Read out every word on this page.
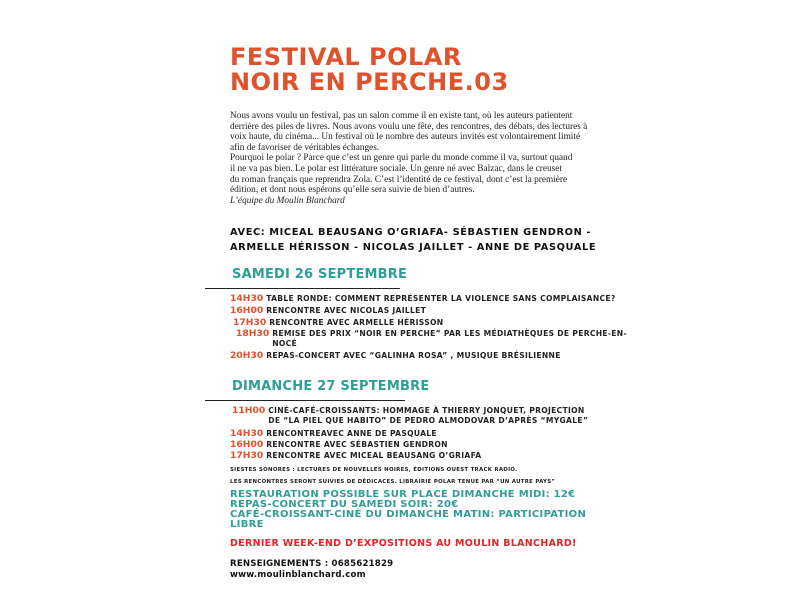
FESTIVAL POLAR
NOIR EN PERCHE.03

Nous avons voulu un festival, pas un salon comme il en existe tant, où les auteurs patientent

derrière des piles de livres. Nous avons voulu une fête, des rencontres, des débats, des lectures à

voix haute, du cinéma... Un festival où le nombre des auteurs invités est volontairement limité

afin de favoriser de véritables échanges.

Pourquoi le polar ? Parce que c’est un genre qui parle du monde comme il va, surtout quand

il ne va pas bien. Le polar est littérature sociale. Un genre né avec Balzac, dans le creuset

du roman français que reprendra Zola. C’est l’identité de ce festival, dont c’est la première

édition, et dont nous espérons qu’elle sera suivie de bien d’autres.

L’équipe du Moulin Blanchard

AVEC: MICEAL BEAUSANG O’GRIAFA- SÉBASTIEN GENDRON -
ARMELLE HÉRISSON - NICOLAS JAILLET - ANNE DE PASQUALE
SAMEDI 26 SEPTEMBRE
14H30 TABLE RONDE: COMMENT REPRÉSENTER LA VIOLENCE SANS COMPLAISANCE?
16H00 RENCONTRE AVEC NICOLAS JAILLET
17H30 RENCONTRE AVEC ARMELLE HÉRISSON
18H30 REMISE DES PRIX “NOIR EN PERCHE” PAR LES MÉDIATHÈQUES DE PERCHE-EN-
NOCÉ
20H30 REPAS-CONCERT AVEC “GALINHA ROSA” , MUSIQUE BRÉSILIENNE
DIMANCHE 27 SEPTEMBRE
11H00 CINÉ-CAFÉ-CROISSANTS: HOMMAGE À THIERRY JONQUET, PROJECTION
DE “LA PIEL QUE HABITO” DE PEDRO ALMODOVAR D’APRÈS “MYGALE”
14H30 RENCONTREAVEC ANNE DE PASQUALE
16H00 RENCONTRE AVEC SÉBASTIEN GENDRON
17H30 RENCONTRE AVEC MICEAL BEAUSANG O’GRIAFA
SIESTES SONORES : LECTURES DE NOUVELLES NOIRES, ÉDITIONS OUEST TRACK RADIO.
LES RENCONTRES SERONT SUIVIES DE DÉDICACES. LIBRAIRIE POLAR TENUE PAR “UN AUTRE PAYS”
RESTAURATION POSSIBLE SUR PLACE DIMANCHE MIDI: 12€
REPAS-CONCERT DU SAMEDI SOIR: 20€
CAFÉ-CROISSANT-CINÉ DU DIMANCHE MATIN: PARTICIPATION
LIBRE
DERNIER WEEK-END D’EXPOSITIONS AU MOULIN BLANCHARD!
RENSEIGNEMENTS : 0685621829
www.moulinblanchard.com
